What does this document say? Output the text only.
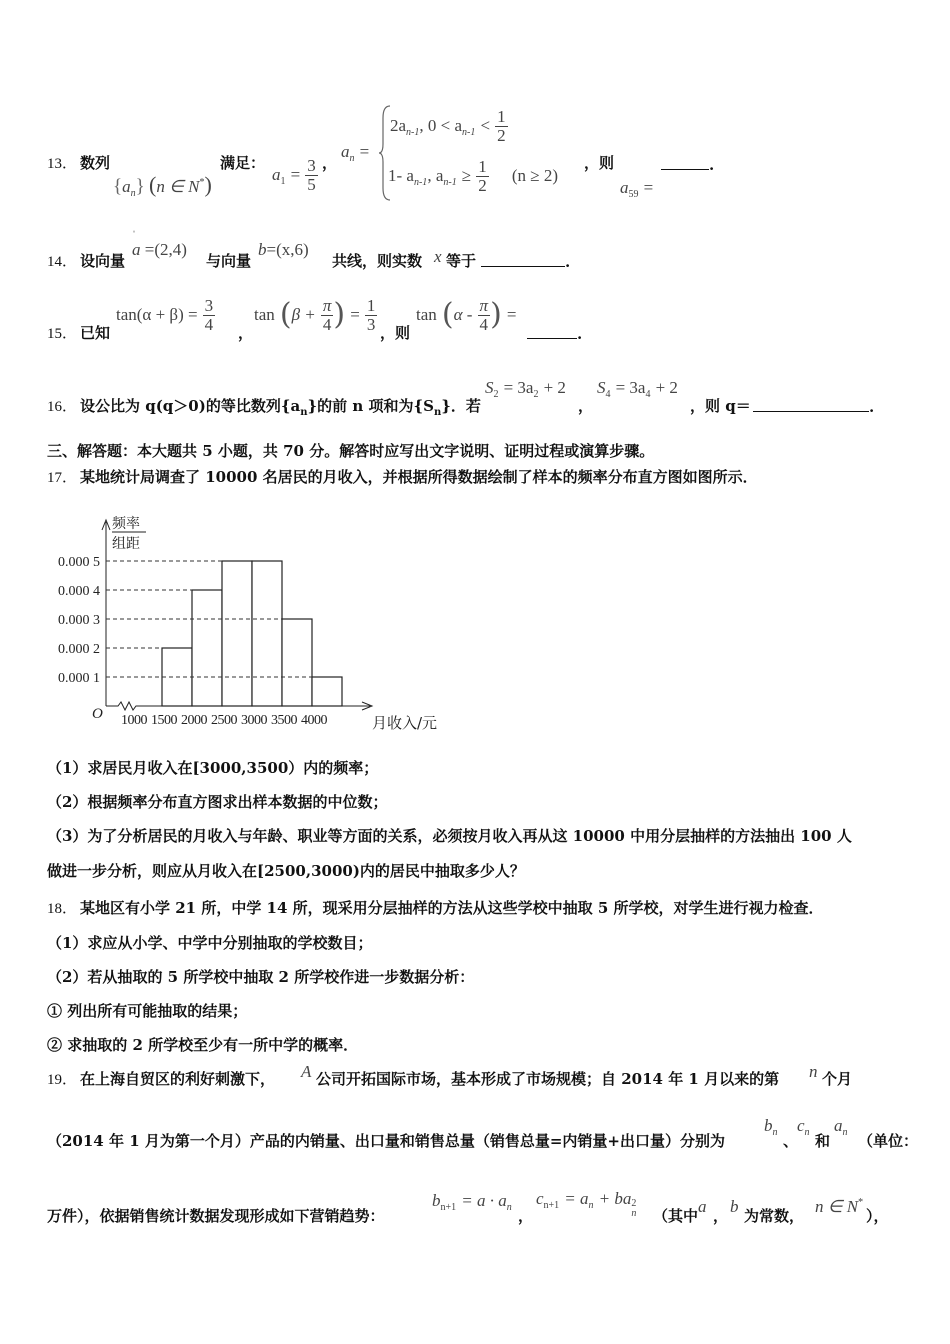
13． 数列
$\{a_n\}$ (n ∈ N*)
满足：
$a_1 = \frac{3}{5}$ ，
$a_n$ =
$2a_{n-1}$, $0 < a_{n-1} < \frac{1}{2}$
1- $a_{n-1}$, $a_{n-1} \ge \frac{1}{2} (n \ge 2)$
，则
$a_{59}$ =
.
14． 设向量
ˈ
a =(2,4)
与向量
b=(x,6)
共线，则实数 x 等于	.
15． 已知
$\tan(\alpha + \beta) = \frac{3}{4}$ ，
$\tan (\beta + \frac{\pi}{4}$ ) = $\frac{1}{3}$ ，则
$\tan (\alpha - \frac{\pi}{4}$ ) =
.
16． 设公比为 q(q＞0)的等比数列$\{a_n\}$的前 n 项和为$\{S_n\}$．若
$S_2 = 3a_2 + 2$
，
$S_4 = 3a_4 + 2$
，则 q＝	.
三、解答题：本大题共 5 小题，共 70 分。解答时应写出文字说明、证明过程或演算步骤。
17． 某地统计局调查了 10000 名居民的月收入，并根据所得数据绘制了样本的频率分布直方图如图所示．
O
频率
组距
0.000 1
0.000 2
0.000 3
0.000 4
0.000 5
1000 1500 2000 2500 3000 3500 4000	月收入/元
（1）求居民月收入在[3000,3500）内的频率；
（2）根据频率分布直方图求出样本数据的中位数；
（3）为了分析居民的月收入与年龄、职业等方面的关系，必须按月收入再从这 10000 中用分层抽样的方法抽出 100 人
做进一步分析，则应从月收入在[2500,3000)内的居民中抽取多少人？
18． 某地区有小学 21 所，中学 14 所，现采用分层抽样的方法从这些学校中抽取 5 所学校，对学生进行视力检查．
（1）求应从小学、中学中分别抽取的学校数目；
（2）若从抽取的 5 所学校中抽取 2 所学校作进一步数据分析：
① 列出所有可能抽取的结果；
② 求抽取的 2 所学校至少有一所中学的概率．
19． 在上海自贸区的利好刺激下， A 公司开拓国际市场，基本形成了市场规模；自 2014 年 1 月以来的第 n 个月
（2014 年 1 月为第一个月）产品的内销量、出口量和销售总量（销售总量=内销量+出口量）分别为
$b_n$ 、
$c_n$ 和
$a_n$ （单位：
万件），依据销售统计数据发现形成如下营销趋势：
$b_{n+1} = a \cdot a_n$ ，
$c_{n+1} = a_n$ + ba 2
n （其中 a ， b 为常数， n ∈ N*
），
